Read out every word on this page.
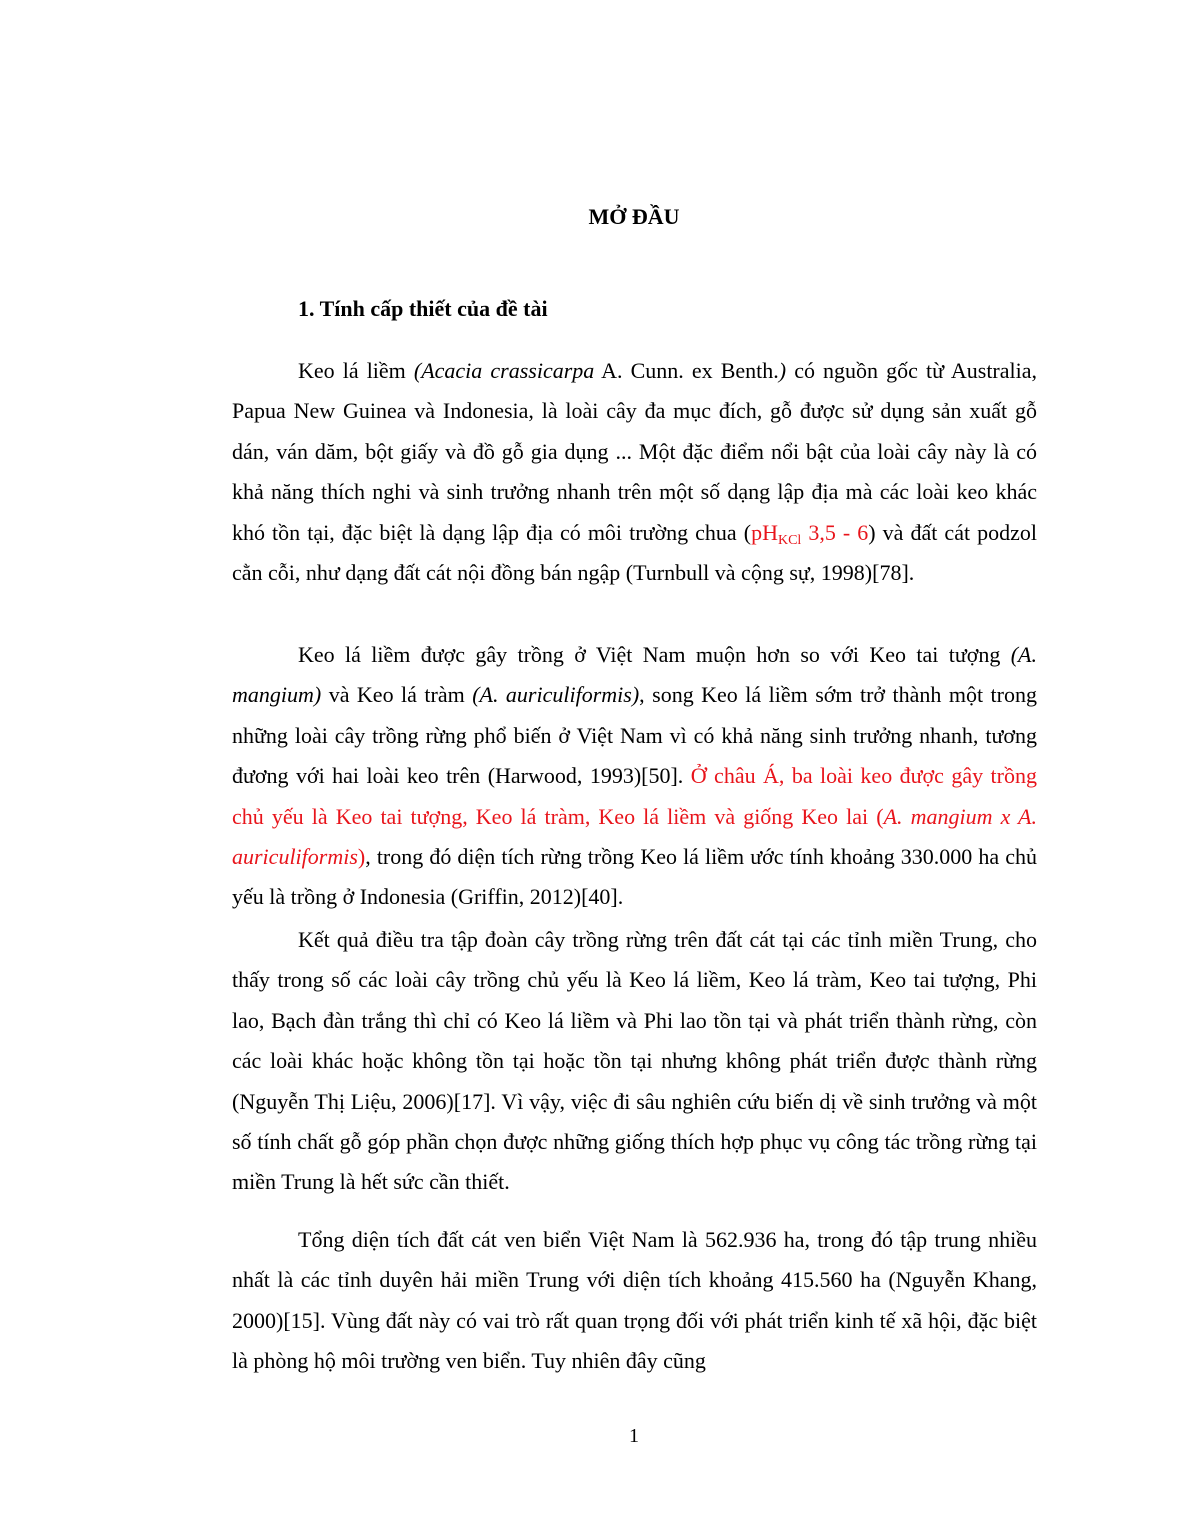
MỞ ĐẦU
1. Tính cấp thiết của đề tài

Keo lá liềm (Acacia crassicarpa A. Cunn. ex Benth.) có nguồn gốc từ Australia, Papua New Guinea và Indonesia, là loài cây đa mục đích, gỗ được sử dụng sản xuất gỗ dán, ván dăm, bột giấy và đồ gỗ gia dụng ... Một đặc điểm nổi bật của loài cây này là có khả năng thích nghi và sinh trưởng nhanh trên một số dạng lập địa mà các loài keo khác khó tồn tại, đặc biệt là dạng lập địa có môi trường chua ($pH_{KCl}$ 3,5 - 6) và đất cát podzol cằn cỗi, như dạng đất cát nội đồng bán ngập (Turnbull và cộng sự, 1998)[78].

Keo lá liềm được gây trồng ở Việt Nam muộn hơn so với Keo tai tượng (A. mangium) và Keo lá tràm (A. auriculiformis), song Keo lá liềm sớm trở thành một trong những loài cây trồng rừng phổ biến ở Việt Nam vì có khả năng sinh trưởng nhanh, tương đương với hai loài keo trên (Harwood, 1993)[50]. Ở châu Á, ba loài keo được gây trồng chủ yếu là Keo tai tượng, Keo lá tràm, Keo lá liềm và giống Keo lai (A. mangium x A. auriculiformis), trong đó diện tích rừng trồng Keo lá liềm ước tính khoảng 330.000 ha chủ yếu là trồng ở Indonesia (Griffin, 2012)[40].

Kết quả điều tra tập đoàn cây trồng rừng trên đất cát tại các tỉnh miền Trung, cho thấy trong số các loài cây trồng chủ yếu là Keo lá liềm, Keo lá tràm, Keo tai tượng, Phi lao, Bạch đàn trắng thì chỉ có Keo lá liềm và Phi lao tồn tại và phát triển thành rừng, còn các loài khác hoặc không tồn tại hoặc tồn tại nhưng không phát triển được thành rừng (Nguyễn Thị Liệu, 2006)[17]. Vì vậy, việc đi sâu nghiên cứu biến dị về sinh trưởng và một số tính chất gỗ góp phần chọn được những giống thích hợp phục vụ công tác trồng rừng tại miền Trung là hết sức cần thiết.

Tổng diện tích đất cát ven biển Việt Nam là 562.936 ha, trong đó tập trung nhiều nhất là các tỉnh duyên hải miền Trung với diện tích khoảng 415.560 ha (Nguyễn Khang, 2000)[15]. Vùng đất này có vai trò rất quan trọng đối với phát triển kinh tế xã hội, đặc biệt là phòng hộ môi trường ven biển. Tuy nhiên đây cũng

1
